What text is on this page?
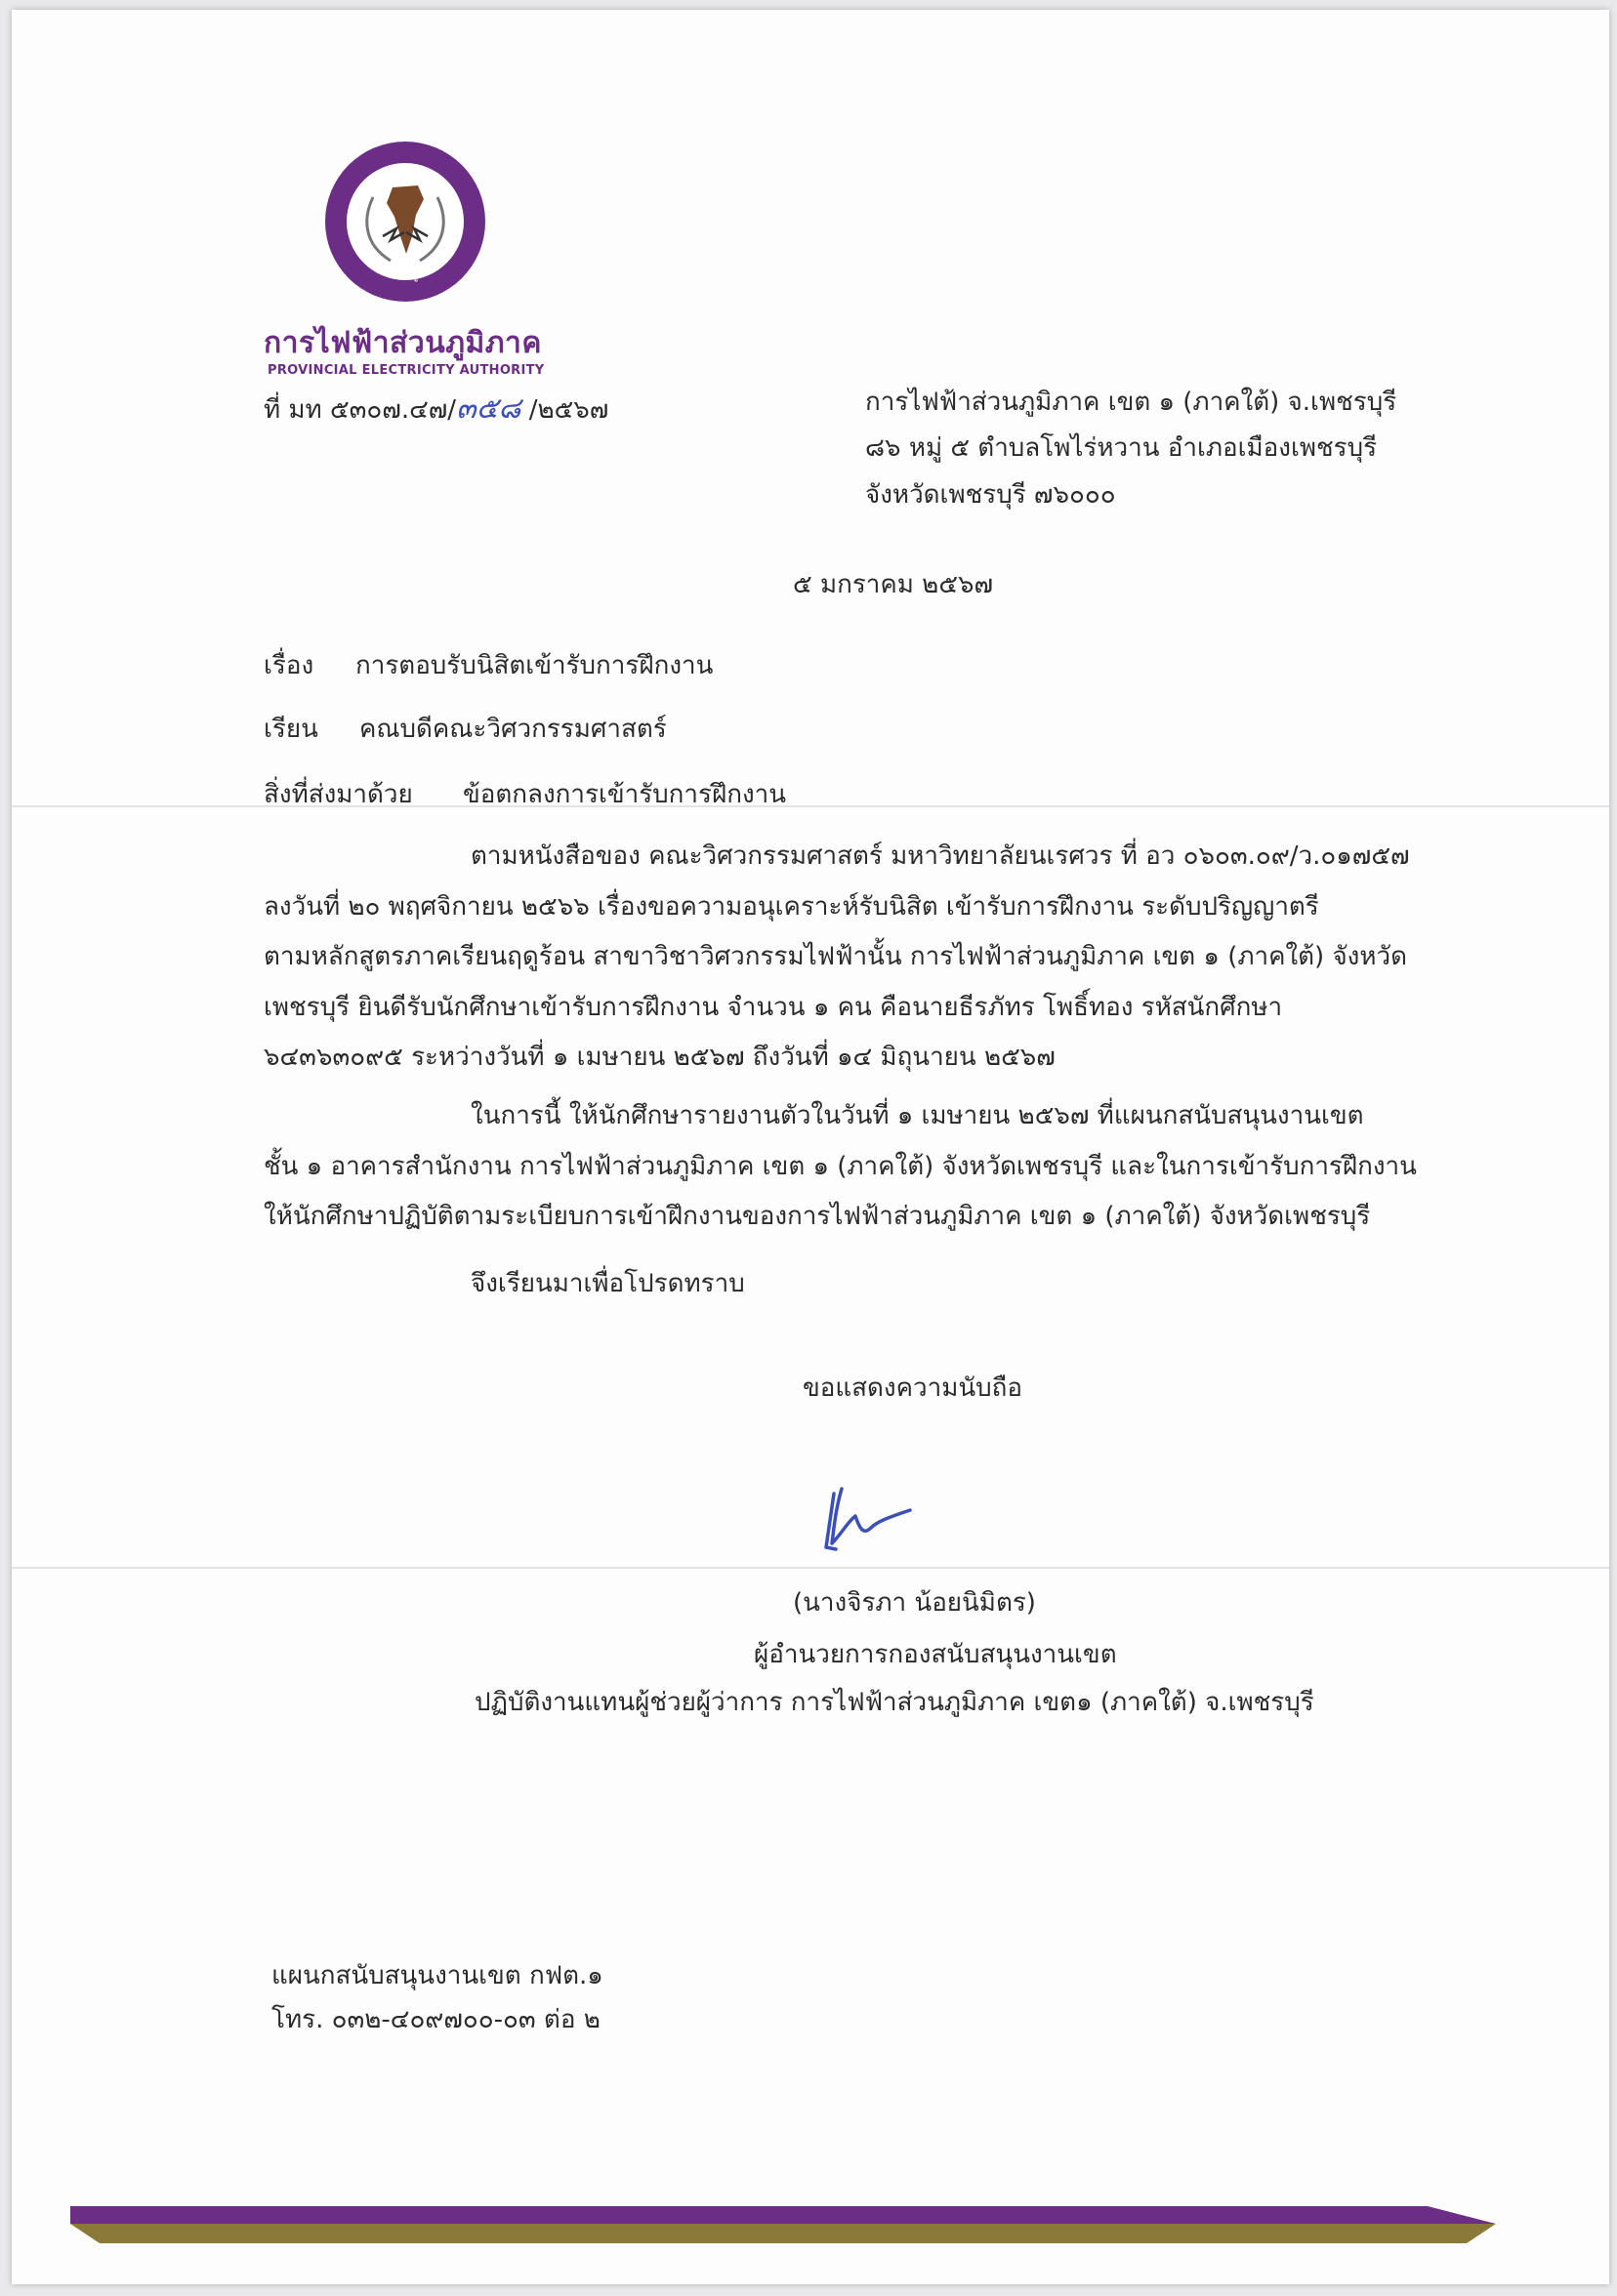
การไฟฟ้าส่วนภูมิภาค
การไฟฟ้าส่วนภูมิภาค
PROVINCIAL ELECTRICITY AUTHORITY
ที่ มท ๕๓๐๗.๔๗/๓๕๘ /๒๕๖๗	การไฟฟ้าส่วนภูมิภาค เขต ๑ (ภาคใต้) จ.เพชรบุรี
๘๖ หมู่ ๕ ตำบลโพไร่หวาน อำเภอเมืองเพชรบุรี
จังหวัดเพชรบุรี ๗๖๐๐๐
๕ มกราคม ๒๕๖๗
เรื่อง การตอบรับนิสิตเข้ารับการฝึกงาน
เรียน คณบดีคณะวิศวกรรมศาสตร์
สิ่งที่ส่งมาด้วย ข้อตกลงการเข้ารับการฝึกงาน
ตามหนังสือของ คณะวิศวกรรมศาสตร์ มหาวิทยาลัยนเรศวร ที่ อว ๐๖๐๓.๐๙/ว.๐๑๗๕๗
ลงวันที่ ๒๐ พฤศจิกายน ๒๕๖๖ เรื่องขอความอนุเคราะห์รับนิสิต เข้ารับการฝึกงาน ระดับปริญญาตรี
ตามหลักสูตรภาคเรียนฤดูร้อน สาขาวิชาวิศวกรรมไฟฟ้านั้น การไฟฟ้าส่วนภูมิภาค เขต ๑ (ภาคใต้) จังหวัด
เพชรบุรี ยินดีรับนักศึกษาเข้ารับการฝึกงาน จำนวน ๑ คน คือนายธีรภัทร โพธิ์ทอง รหัสนักศึกษา
๖๔๓๖๓๐๙๕ ระหว่างวันที่ ๑ เมษายน ๒๕๖๗ ถึงวันที่ ๑๔ มิถุนายน ๒๕๖๗
ในการนี้ ให้นักศึกษารายงานตัวในวันที่ ๑ เมษายน ๒๕๖๗ ที่แผนกสนับสนุนงานเขต
ชั้น ๑ อาคารสำนักงาน การไฟฟ้าส่วนภูมิภาค เขต ๑ (ภาคใต้) จังหวัดเพชรบุรี และในการเข้ารับการฝึกงาน
ให้นักศึกษาปฏิบัติตามระเบียบการเข้าฝึกงานของการไฟฟ้าส่วนภูมิภาค เขต ๑ (ภาคใต้) จังหวัดเพชรบุรี
จึงเรียนมาเพื่อโปรดทราบ
ขอแสดงความนับถือ
(นางจิรภา น้อยนิมิตร)
ผู้อำนวยการกองสนับสนุนงานเขต
ปฏิบัติงานแทนผู้ช่วยผู้ว่าการ การไฟฟ้าส่วนภูมิภาค เขต๑ (ภาคใต้) จ.เพชรบุรี
แผนกสนับสนุนงานเขต กฟต.๑
โทร. ๐๓๒-๔๐๙๗๐๐-๐๓ ต่อ ๒
